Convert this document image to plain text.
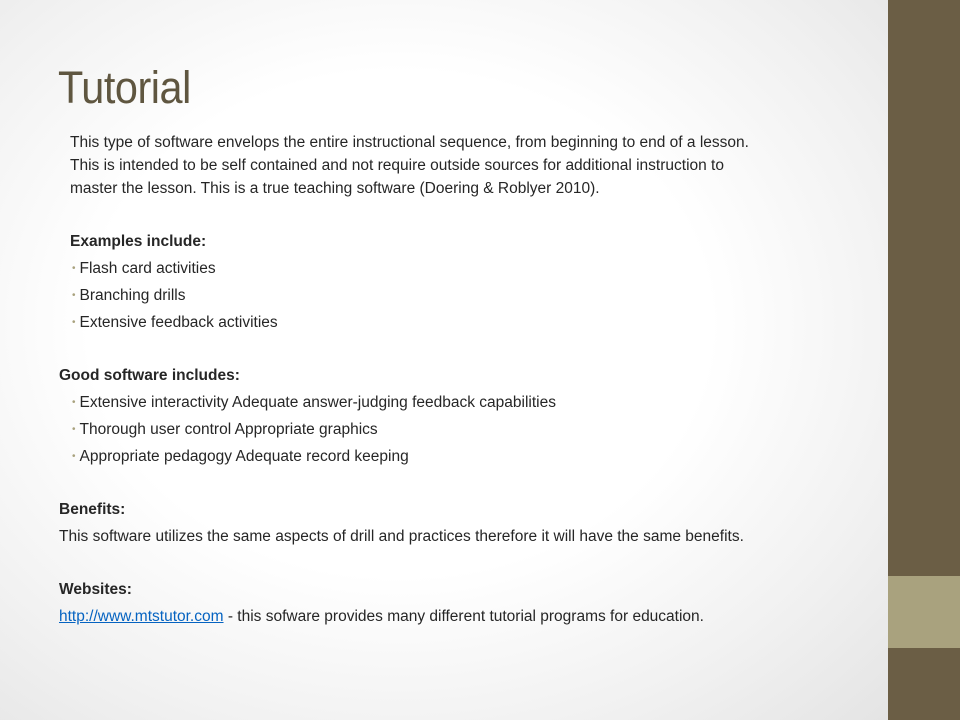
Tutorial
This type of software envelops the entire instructional sequence, from beginning to end of a lesson.
This is intended to be self contained and not require outside sources for additional instruction to
master the lesson. This is a true teaching software (Doering & Roblyer 2010).
Examples include:
• Flash card activities
• Branching drills
• Extensive feedback activities
Good software includes:
• Extensive interactivity Adequate answer-judging feedback capabilities
• Thorough user control Appropriate graphics
• Appropriate pedagogy Adequate record keeping
Benefits:
This software utilizes the same aspects of drill and practices therefore it will have the same benefits.
Websites:
http://www.mtstutor.com - this sofware provides many different tutorial programs for education.
